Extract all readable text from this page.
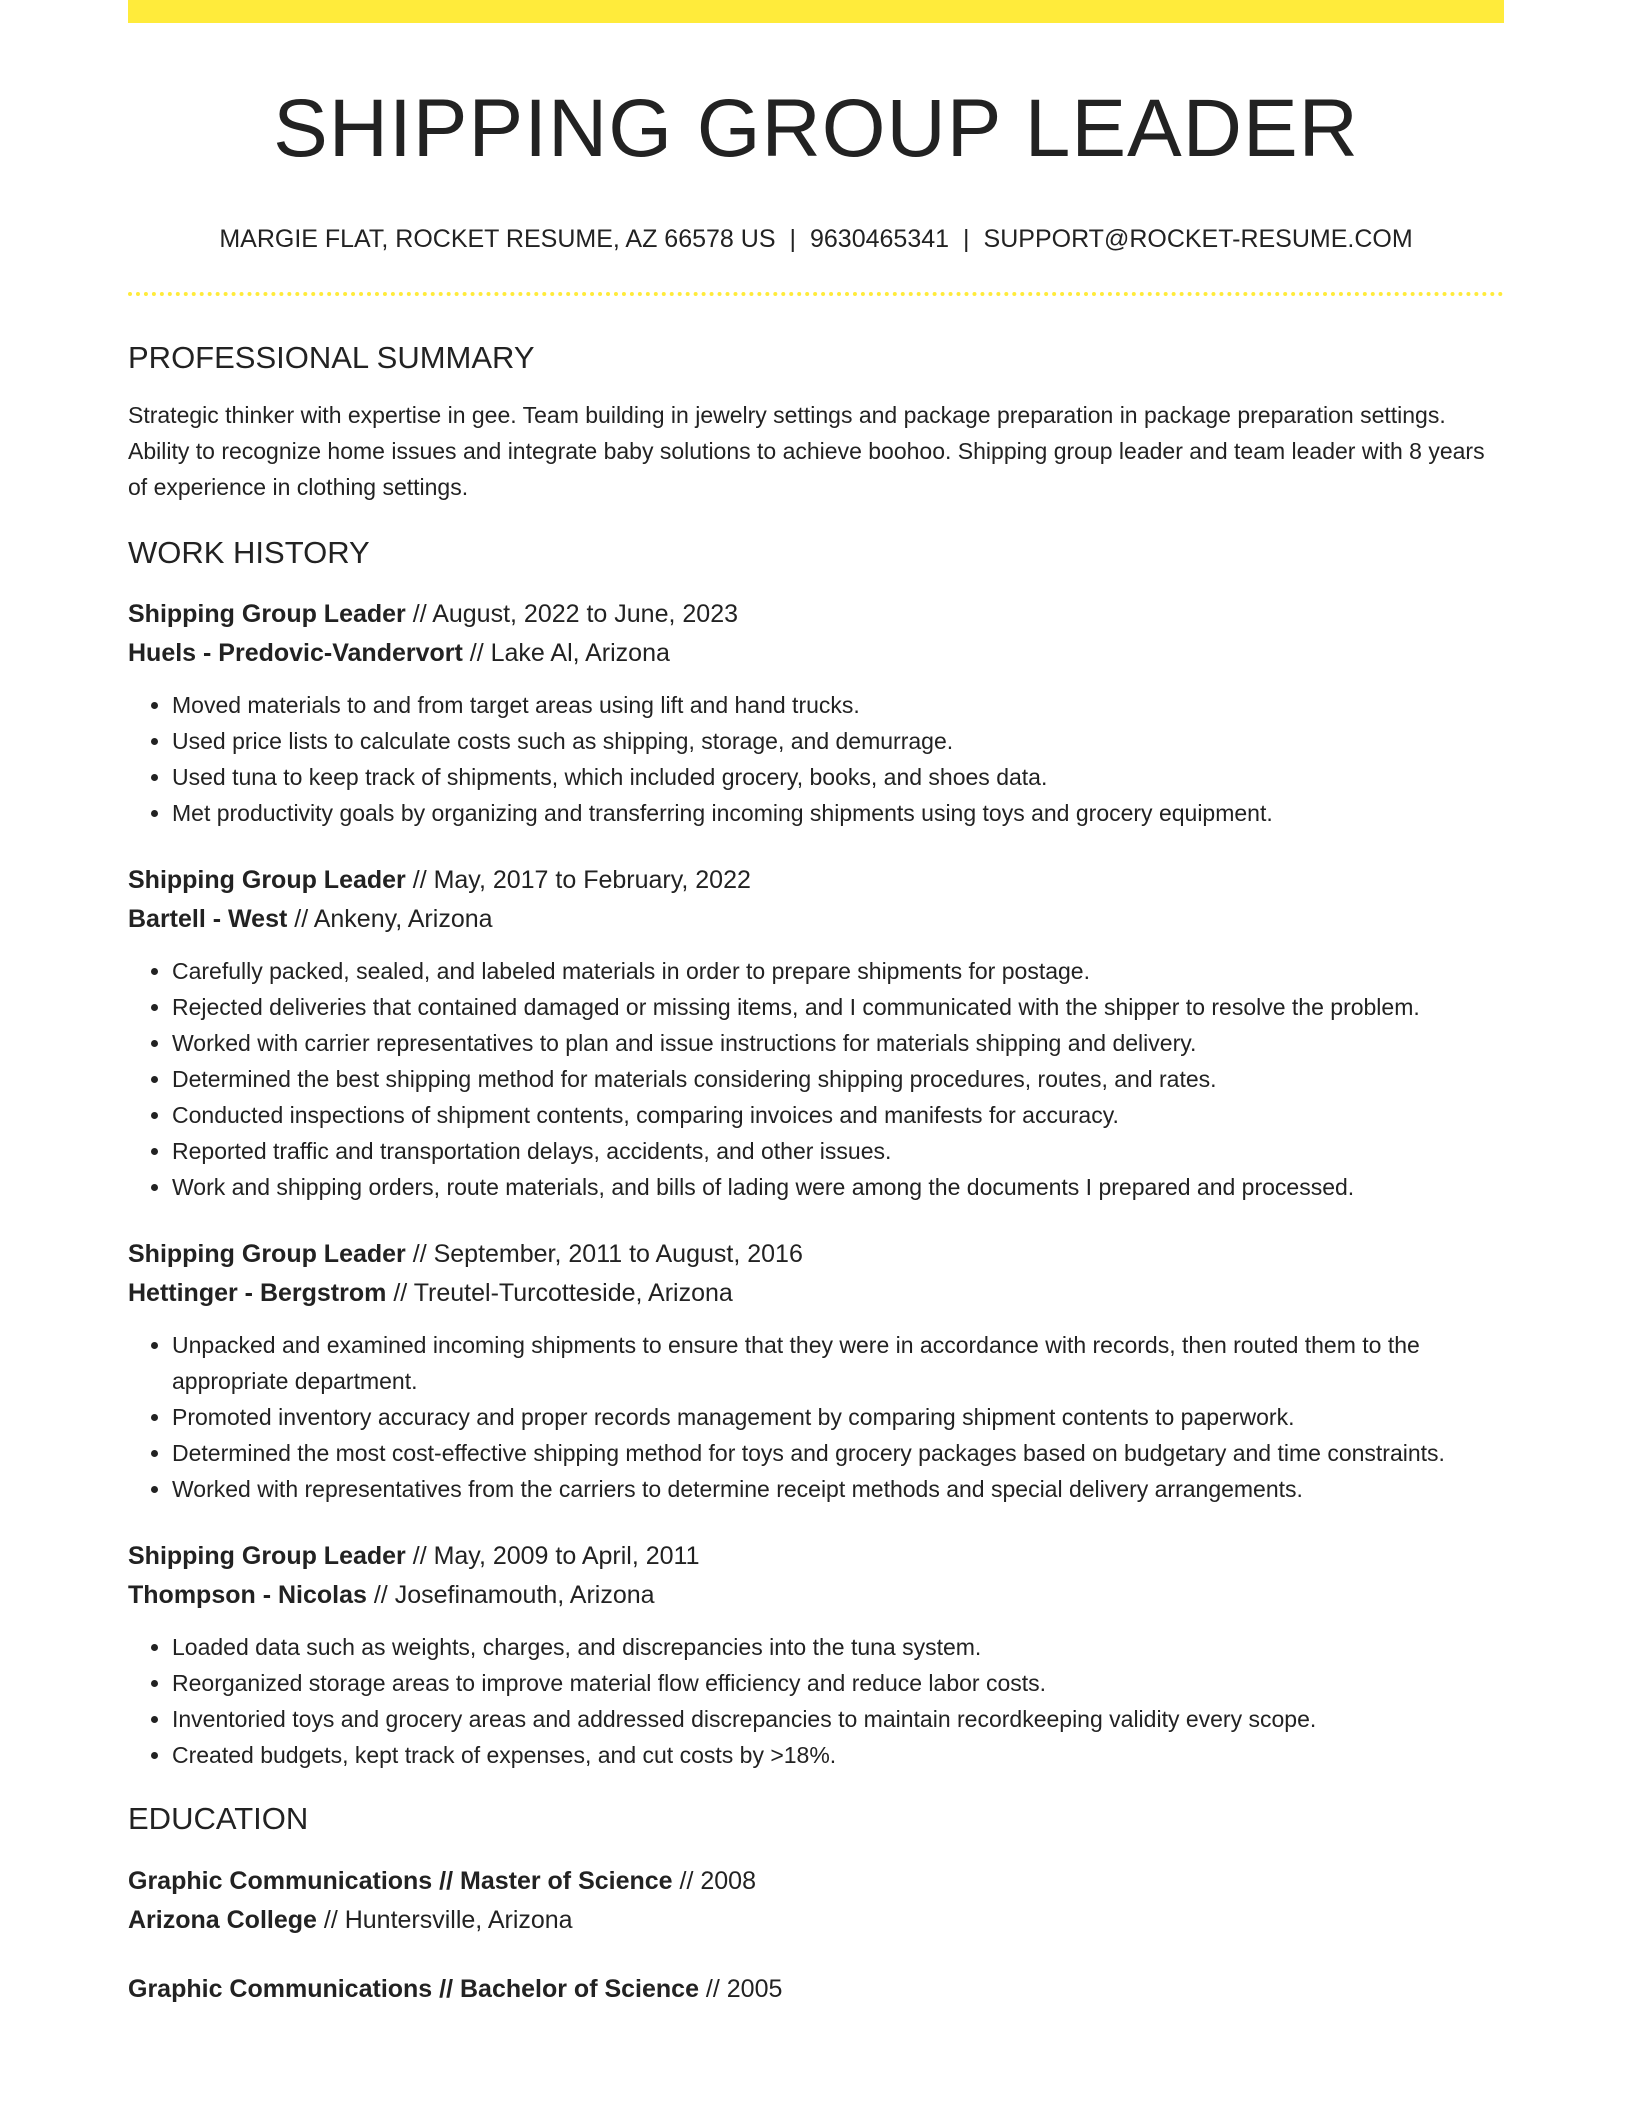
SHIPPING GROUP LEADER
MARGIE FLAT, ROCKET RESUME, AZ 66578 US | 9630465341 | SUPPORT@ROCKET-RESUME.COM
PROFESSIONAL SUMMARY

Strategic thinker with expertise in gee. Team building in jewelry settings and package preparation in package preparation settings. Ability to recognize home issues and integrate baby solutions to achieve boohoo. Shipping group leader and team leader with 8 years of experience in clothing settings.

WORK HISTORY
Shipping Group Leader // August, 2022 to June, 2023
Huels - Predovic-Vandervort // Lake Al, Arizona
• Moved materials to and from target areas using lift and hand trucks.
• Used price lists to calculate costs such as shipping, storage, and demurrage.
• Used tuna to keep track of shipments, which included grocery, books, and shoes data.
• Met productivity goals by organizing and transferring incoming shipments using toys and grocery equipment.
Shipping Group Leader // May, 2017 to February, 2022
Bartell - West // Ankeny, Arizona
• Carefully packed, sealed, and labeled materials in order to prepare shipments for postage.
• Rejected deliveries that contained damaged or missing items, and I communicated with the shipper to resolve the problem.
• Worked with carrier representatives to plan and issue instructions for materials shipping and delivery.
• Determined the best shipping method for materials considering shipping procedures, routes, and rates.
• Conducted inspections of shipment contents, comparing invoices and manifests for accuracy.
• Reported traffic and transportation delays, accidents, and other issues.
• Work and shipping orders, route materials, and bills of lading were among the documents I prepared and processed.
Shipping Group Leader // September, 2011 to August, 2016
Hettinger - Bergstrom // Treutel-Turcotteside, Arizona
• Unpacked and examined incoming shipments to ensure that they were in accordance with records, then routed them to the appropriate department.
• Promoted inventory accuracy and proper records management by comparing shipment contents to paperwork.
• Determined the most cost-effective shipping method for toys and grocery packages based on budgetary and time constraints.
• Worked with representatives from the carriers to determine receipt methods and special delivery arrangements.
Shipping Group Leader // May, 2009 to April, 2011
Thompson - Nicolas // Josefinamouth, Arizona
• Loaded data such as weights, charges, and discrepancies into the tuna system.
• Reorganized storage areas to improve material flow efficiency and reduce labor costs.
• Inventoried toys and grocery areas and addressed discrepancies to maintain recordkeeping validity every scope.
• Created budgets, kept track of expenses, and cut costs by >18%.
EDUCATION
Graphic Communications // Master of Science // 2008
Arizona College // Huntersville, Arizona
Graphic Communications // Bachelor of Science // 2005
